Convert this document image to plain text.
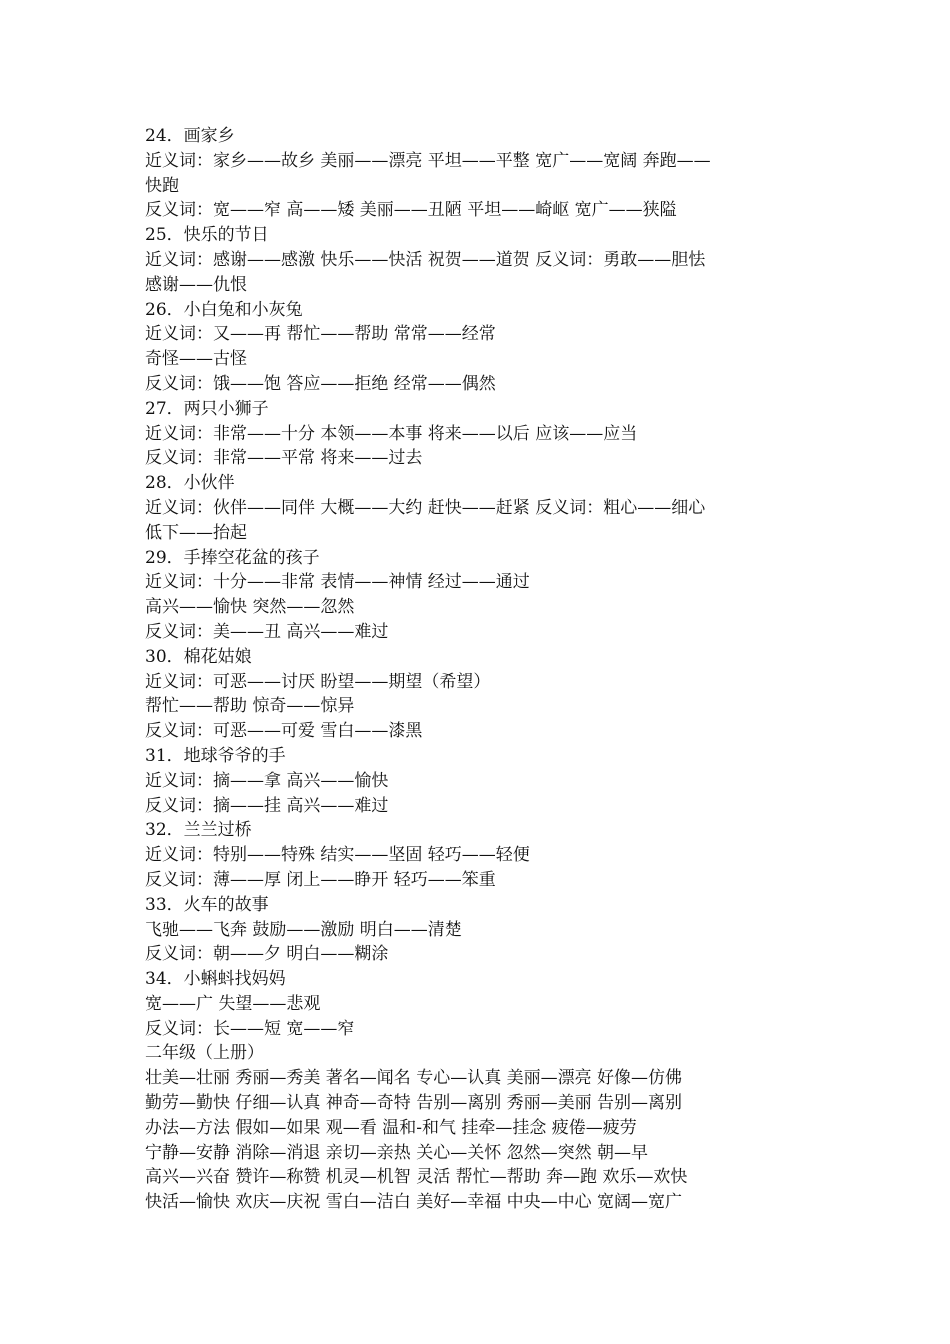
24．画家乡
近义词：家乡——故乡 美丽——漂亮 平坦——平整 宽广——宽阔 奔跑——
快跑
反义词：宽——窄 高——矮 美丽——丑陋 平坦——崎岖 宽广——狭隘
25．快乐的节日
近义词：感谢——感激 快乐——快活 祝贺——道贺 反义词：勇敢——胆怯
感谢——仇恨
26．小白兔和小灰兔
近义词：又——再 帮忙——帮助 常常——经常
奇怪——古怪
反义词：饿——饱 答应——拒绝 经常——偶然
27．两只小狮子
近义词：非常——十分 本领——本事 将来——以后 应该——应当
反义词：非常——平常 将来——过去
28．小伙伴
近义词：伙伴——同伴 大概——大约 赶快——赶紧 反义词：粗心——细心
低下——抬起
29．手捧空花盆的孩子
近义词：十分——非常 表情——神情 经过——通过
高兴——愉快 突然——忽然
反义词：美——丑 高兴——难过
30．棉花姑娘
近义词：可恶——讨厌 盼望——期望（希望）
帮忙——帮助 惊奇——惊异
反义词：可恶——可爱 雪白——漆黑
31．地球爷爷的手
近义词：摘——拿 高兴——愉快
反义词：摘——挂 高兴——难过
32．兰兰过桥
近义词：特别——特殊 结实——坚固 轻巧——轻便
反义词：薄——厚 闭上——睁开 轻巧——笨重
33．火车的故事
飞驰——飞奔 鼓励——激励 明白——清楚
反义词：朝——夕 明白——糊涂
34．小蝌蚪找妈妈
宽——广 失望——悲观
反义词：长——短 宽——窄
二年级（上册）
壮美—壮丽 秀丽—秀美 著名—闻名 专心—认真 美丽—漂亮 好像—仿佛
勤劳—勤快 仔细—认真 神奇—奇特 告别—离别 秀丽—美丽 告别—离别
办法—方法 假如—如果 观—看 温和-和气 挂牵—挂念 疲倦—疲劳
宁静—安静 消除—消退 亲切—亲热 关心—关怀 忽然—突然 朝—早
高兴—兴奋 赞许—称赞 机灵—机智 灵活 帮忙—帮助 奔—跑 欢乐—欢快
快活—愉快 欢庆—庆祝 雪白—洁白 美好—幸福 中央—中心 宽阔—宽广
